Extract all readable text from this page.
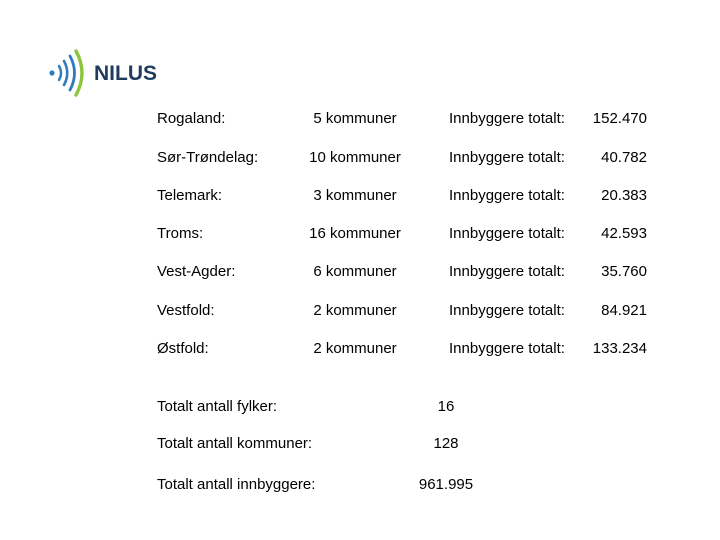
NILUS
Rogaland:	5 kommuner	Innbyggere totalt:	152.470
Sør-Trøndelag:	10 kommuner	Innbyggere totalt:	40.782
Telemark:	3 kommuner	Innbyggere totalt:	20.383
Troms:	16 kommuner	Innbyggere totalt:	42.593
Vest-Agder:	6 kommuner	Innbyggere totalt:	35.760
Vestfold:	2 kommuner	Innbyggere totalt:	84.921
Østfold:	2 kommuner	Innbyggere totalt:	133.234
Totalt antall fylker:	16
Totalt antall kommuner:	128
Totalt antall innbyggere:	961.995
